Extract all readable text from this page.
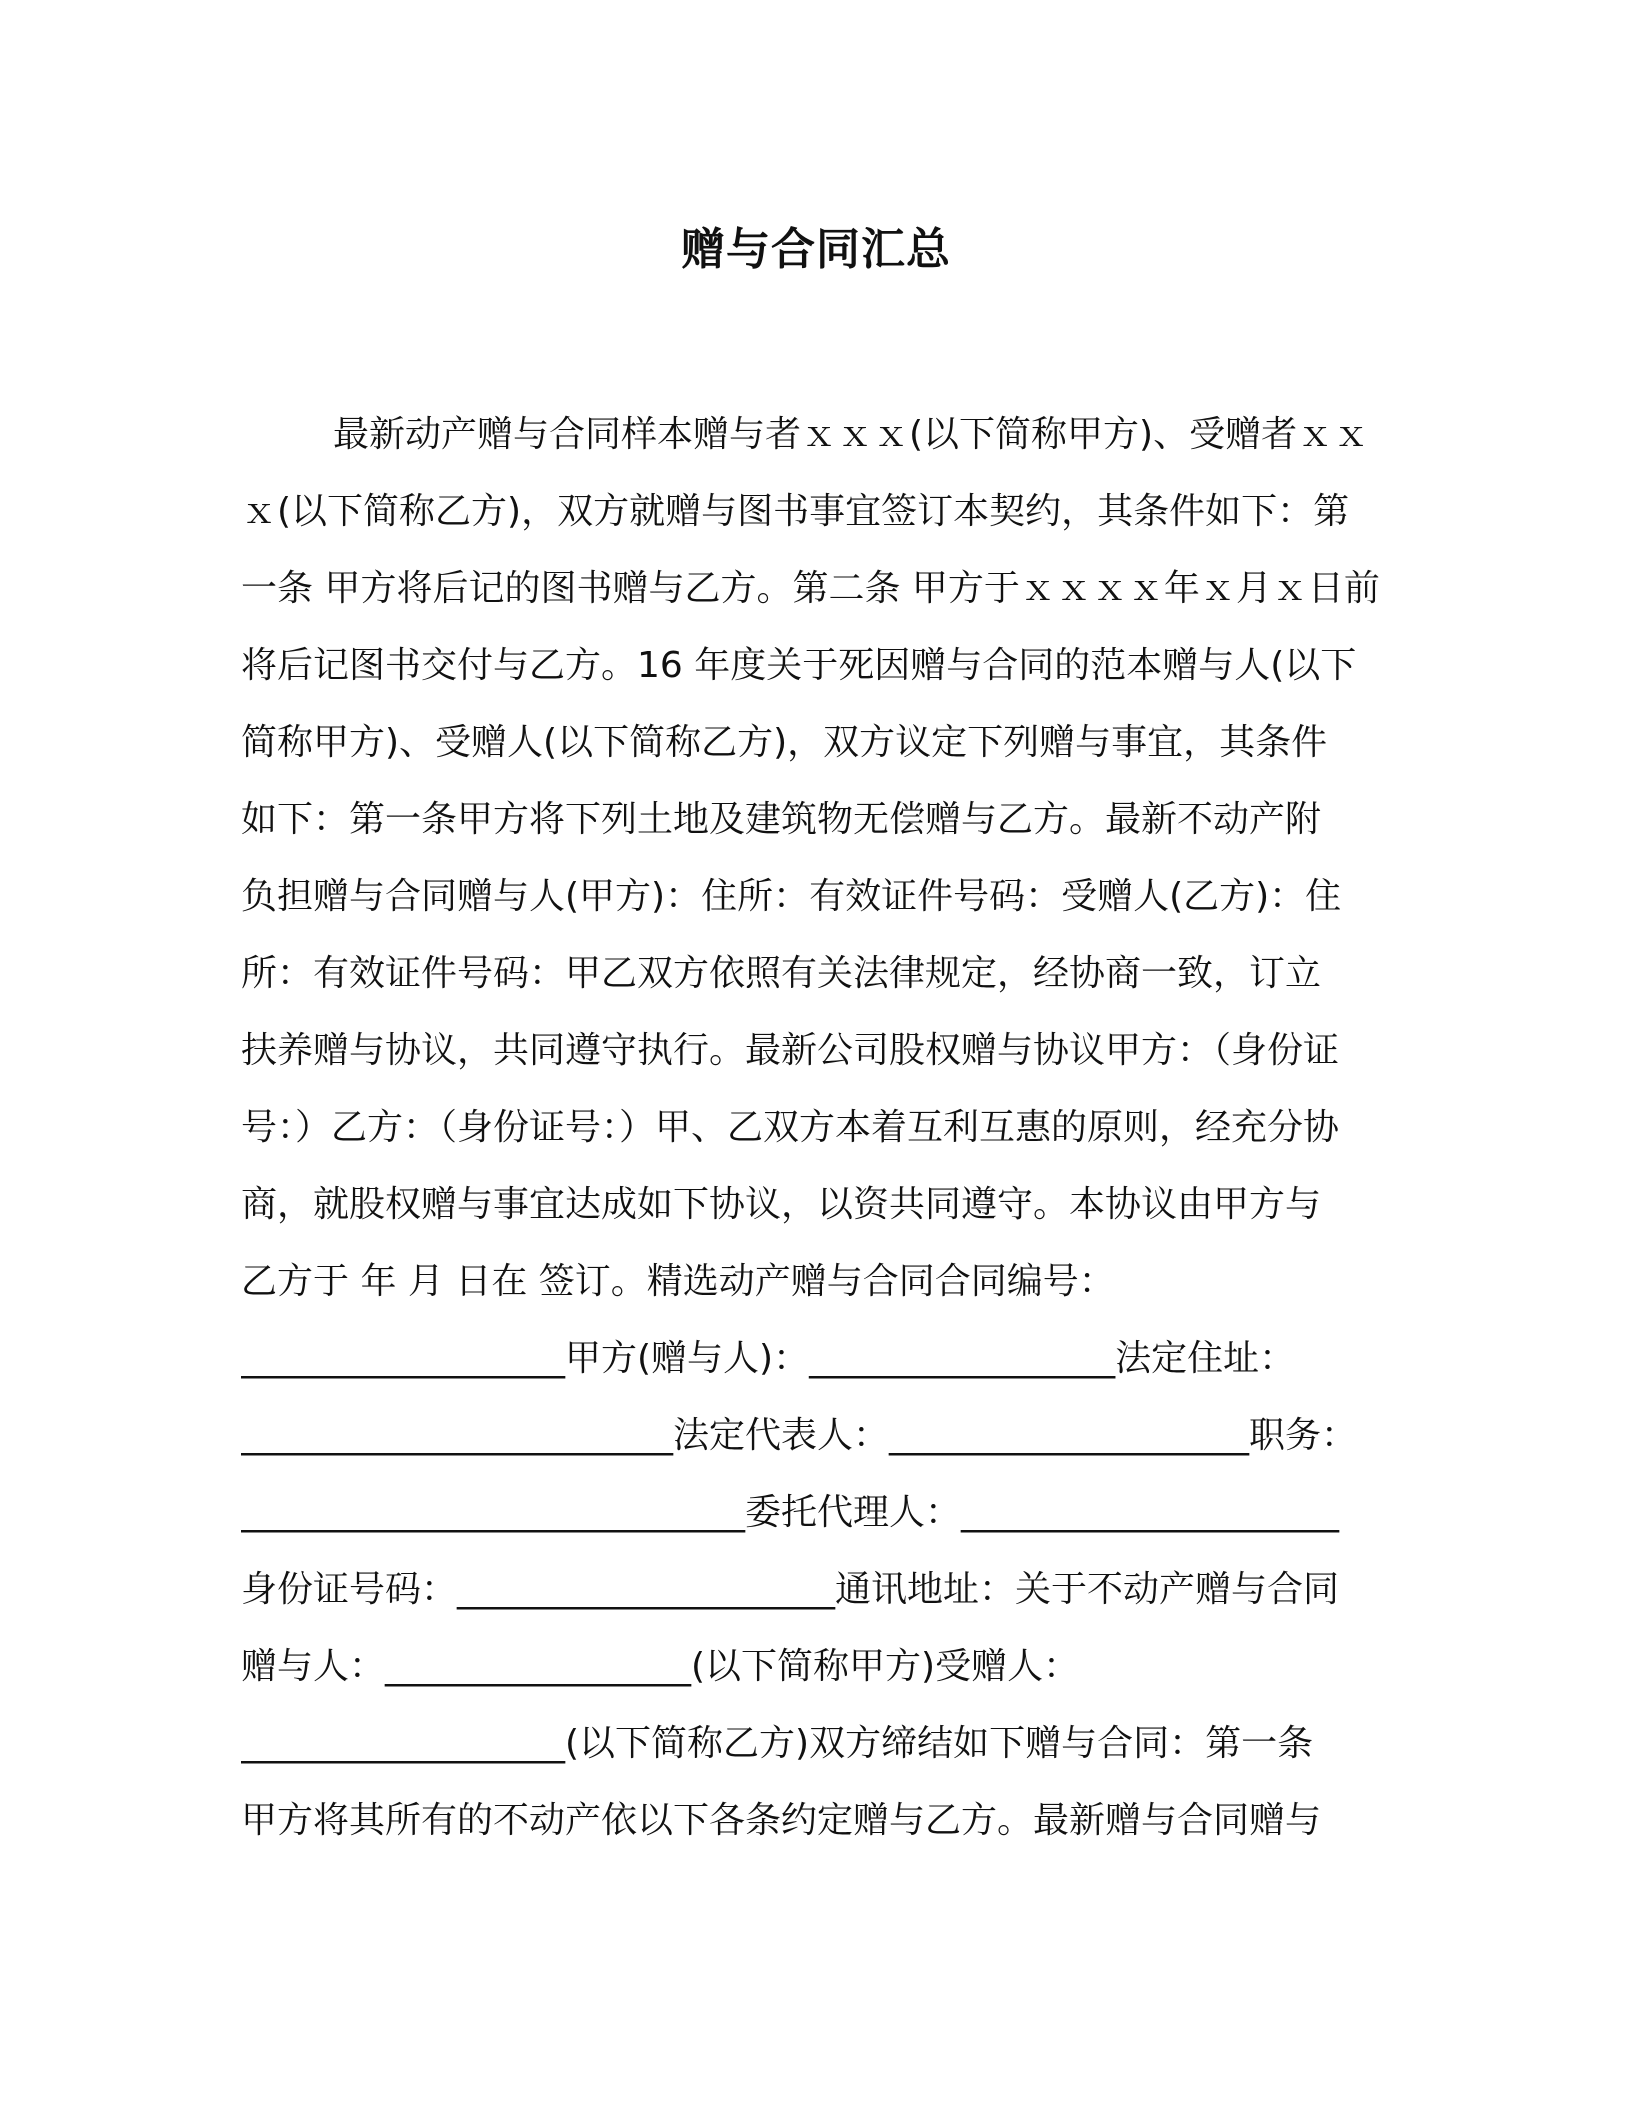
赠与合同汇总
最新动产赠与合同样本赠与者ｘｘｘ(以下简称甲方)、受赠者ｘｘ
ｘ(以下简称乙方)，双方就赠与图书事宜签订本契约，其条件如下：第
一条 甲方将后记的图书赠与乙方。第二条 甲方于ｘｘｘｘ年ｘ月ｘ日前
将后记图书交付与乙方。16 年度关于死因赠与合同的范本赠与人(以下
简称甲方)、受赠人(以下简称乙方)，双方议定下列赠与事宜，其条件
如下：第一条甲方将下列土地及建筑物无偿赠与乙方。最新不动产附
负担赠与合同赠与人(甲方)：住所：有效证件号码：受赠人(乙方)：住
所：有效证件号码：甲乙双方依照有关法律规定，经协商一致，订立
扶养赠与协议，共同遵守执行。最新公司股权赠与协议甲方：（身份证
号：）乙方：（身份证号：）甲、乙双方本着互利互惠的原则，经充分协
商，就股权赠与事宜达成如下协议，以资共同遵守。本协议由甲方与
乙方于 年 月 日在 签订。精选动产赠与合同合同编号：
__________________甲方(赠与人)：_________________法定住址：
________________________法定代表人：____________________职务：
____________________________委托代理人：_____________________
身份证号码：_____________________通讯地址：关于不动产赠与合同
赠与人：_________________(以下简称甲方)受赠人：
__________________(以下简称乙方)双方缔结如下赠与合同：第一条
甲方将其所有的不动产依以下各条约定赠与乙方。最新赠与合同赠与
